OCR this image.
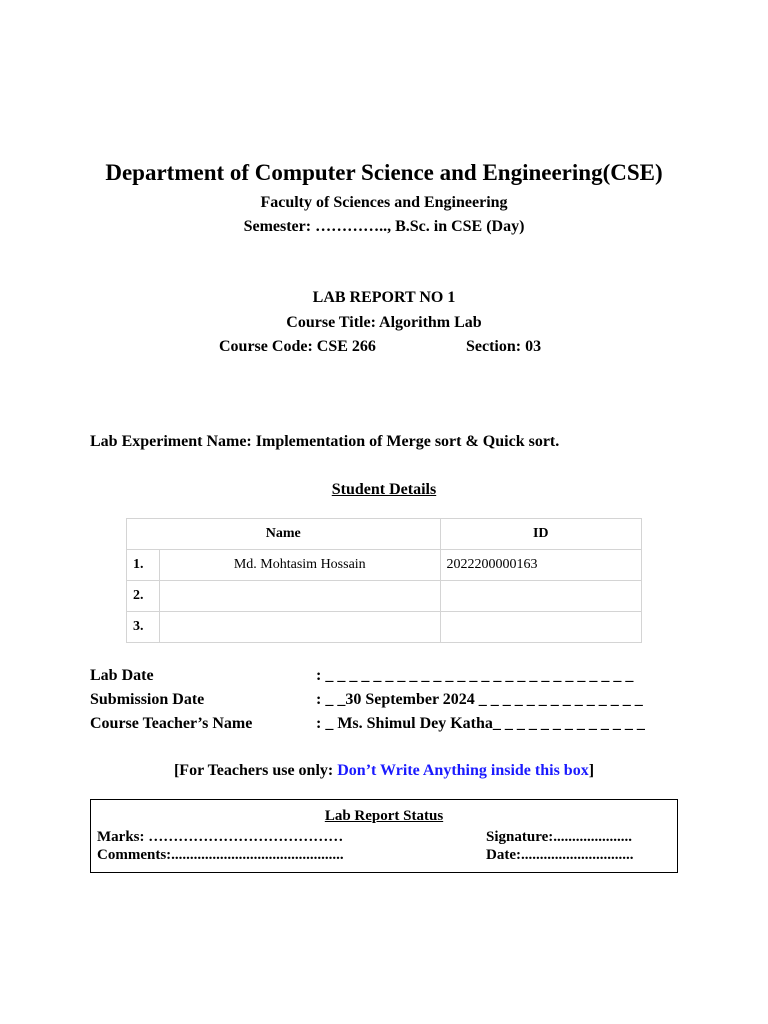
Department of Computer Science and Engineering(CSE)
Faculty of Sciences and Engineering
Semester: ………….., B.Sc. in CSE (Day)
LAB REPORT NO 1
Course Title: Algorithm Lab
Course Code: CSE 266	Section: 03
Lab Experiment Name: Implementation of Merge sort & Quick sort.
Student Details
Name		ID
1.	Md. Mohtasim Hossain	2022200000163
2.		
3.		
Lab Date	: _ _ _ _ _ _ _ _ _ _ _ _ _ _ _ _ _ _ _ _ _ _ _ _ _ _
Submission Date	: _ _30 September 2024 _ _ _ _ _ _ _ _ _ _ _ _ _ _
Course Teacher’s Name	: _ Ms. Shimul Dey Katha_ _ _ _ _ _ _ _ _ _ _ _ _
[For Teachers use only: Don’t Write Anything inside this box]
Lab Report Status
Marks: …………………………………	Signature:.....................
Comments:..............................................	Date:..............................
